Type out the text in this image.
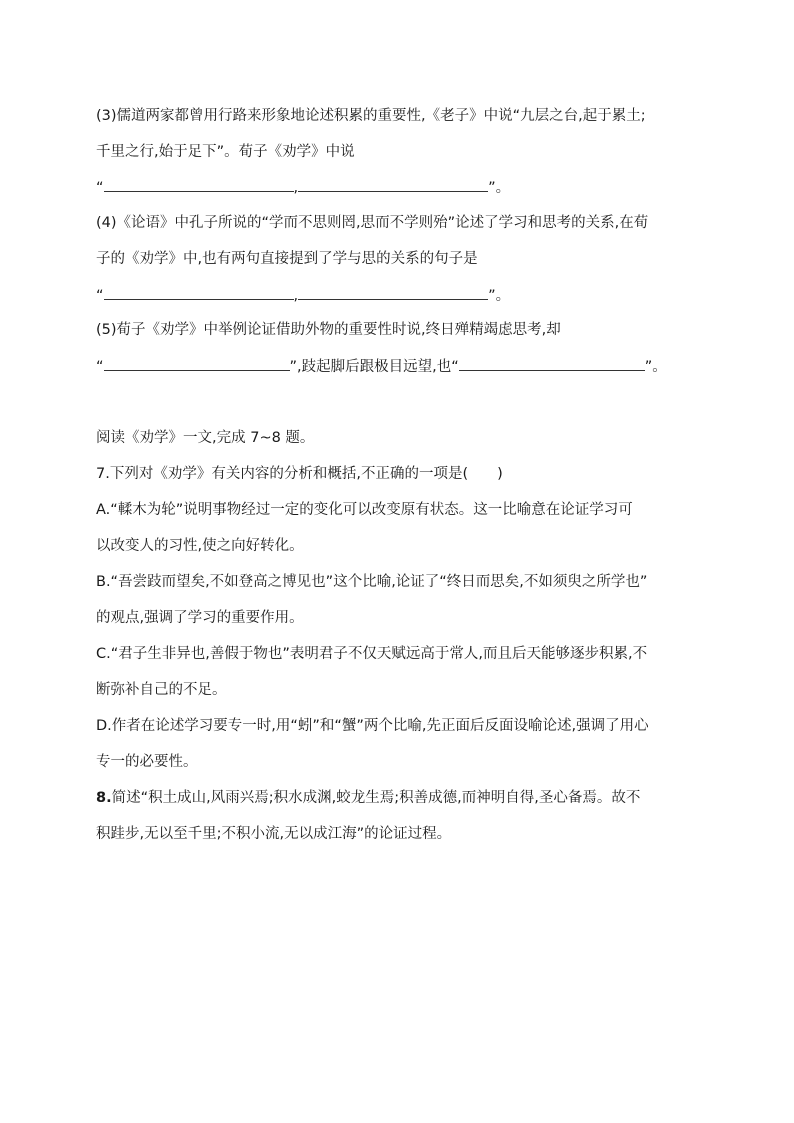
(3)儒道两家都曾用行路来形象地论述积累的重要性,《老子》中说“九层之台,起于累土;
千里之行,始于足下”。荀子《劝学》中说
“	,	”。
(4)《论语》中孔子所说的“学而不思则罔,思而不学则殆”论述了学习和思考的关系,在荀
子的《劝学》中,也有两句直接提到了学与思的关系的句子是
“	,	”。
(5)荀子《劝学》中举例论证借助外物的重要性时说,终日殚精竭虑思考,却
“	”,跂起脚后跟极目远望,也“	”。
阅读《劝学》一文,完成 7~8 题。
7.下列对《劝学》有关内容的分析和概括,不正确的一项是(　　)
A.“輮木为轮”说明事物经过一定的变化可以改变原有状态。这一比喻意在论证学习可
以改变人的习性,使之向好转化。
B.“吾尝跂而望矣,不如登高之博见也”这个比喻,论证了“终日而思矣,不如须臾之所学也”
的观点,强调了学习的重要作用。
C.“君子生非异也,善假于物也”表明君子不仅天赋远高于常人,而且后天能够逐步积累,不
断弥补自己的不足。
D.作者在论述学习要专一时,用“蚓”和“蟹”两个比喻,先正面后反面设喻论述,强调了用心
专一的必要性。
8.简述“积土成山,风雨兴焉;积水成渊,蛟龙生焉;积善成德,而神明自得,圣心备焉。故不
积跬步,无以至千里;不积小流,无以成江海”的论证过程。
